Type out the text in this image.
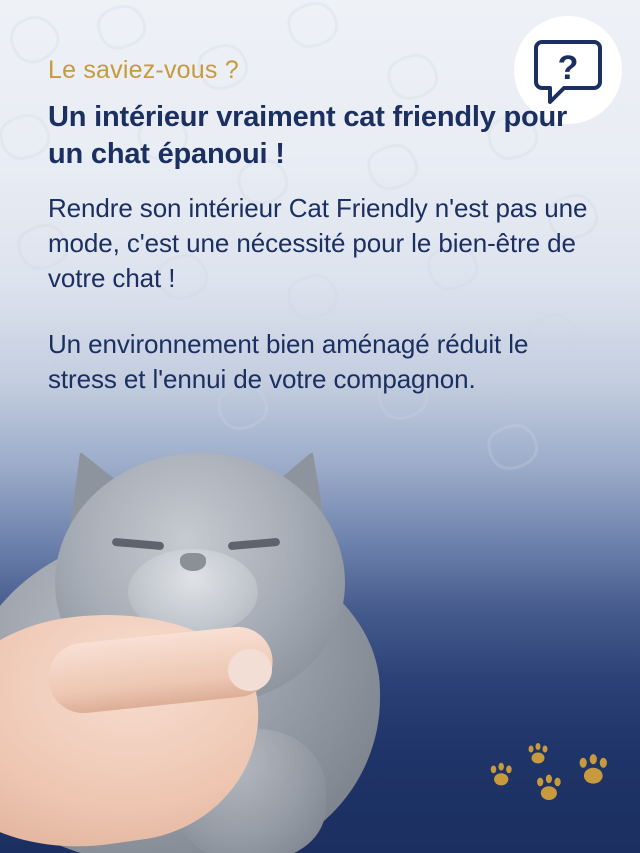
?
Le saviez-vous ?
Un intérieur vraiment cat friendly pour un chat épanoui !

Rendre son intérieur Cat Friendly n'est pas une mode, c'est une nécessité pour le bien-être de votre chat !

Un environnement bien aménagé réduit le stress et l'ennui de votre compagnon.
